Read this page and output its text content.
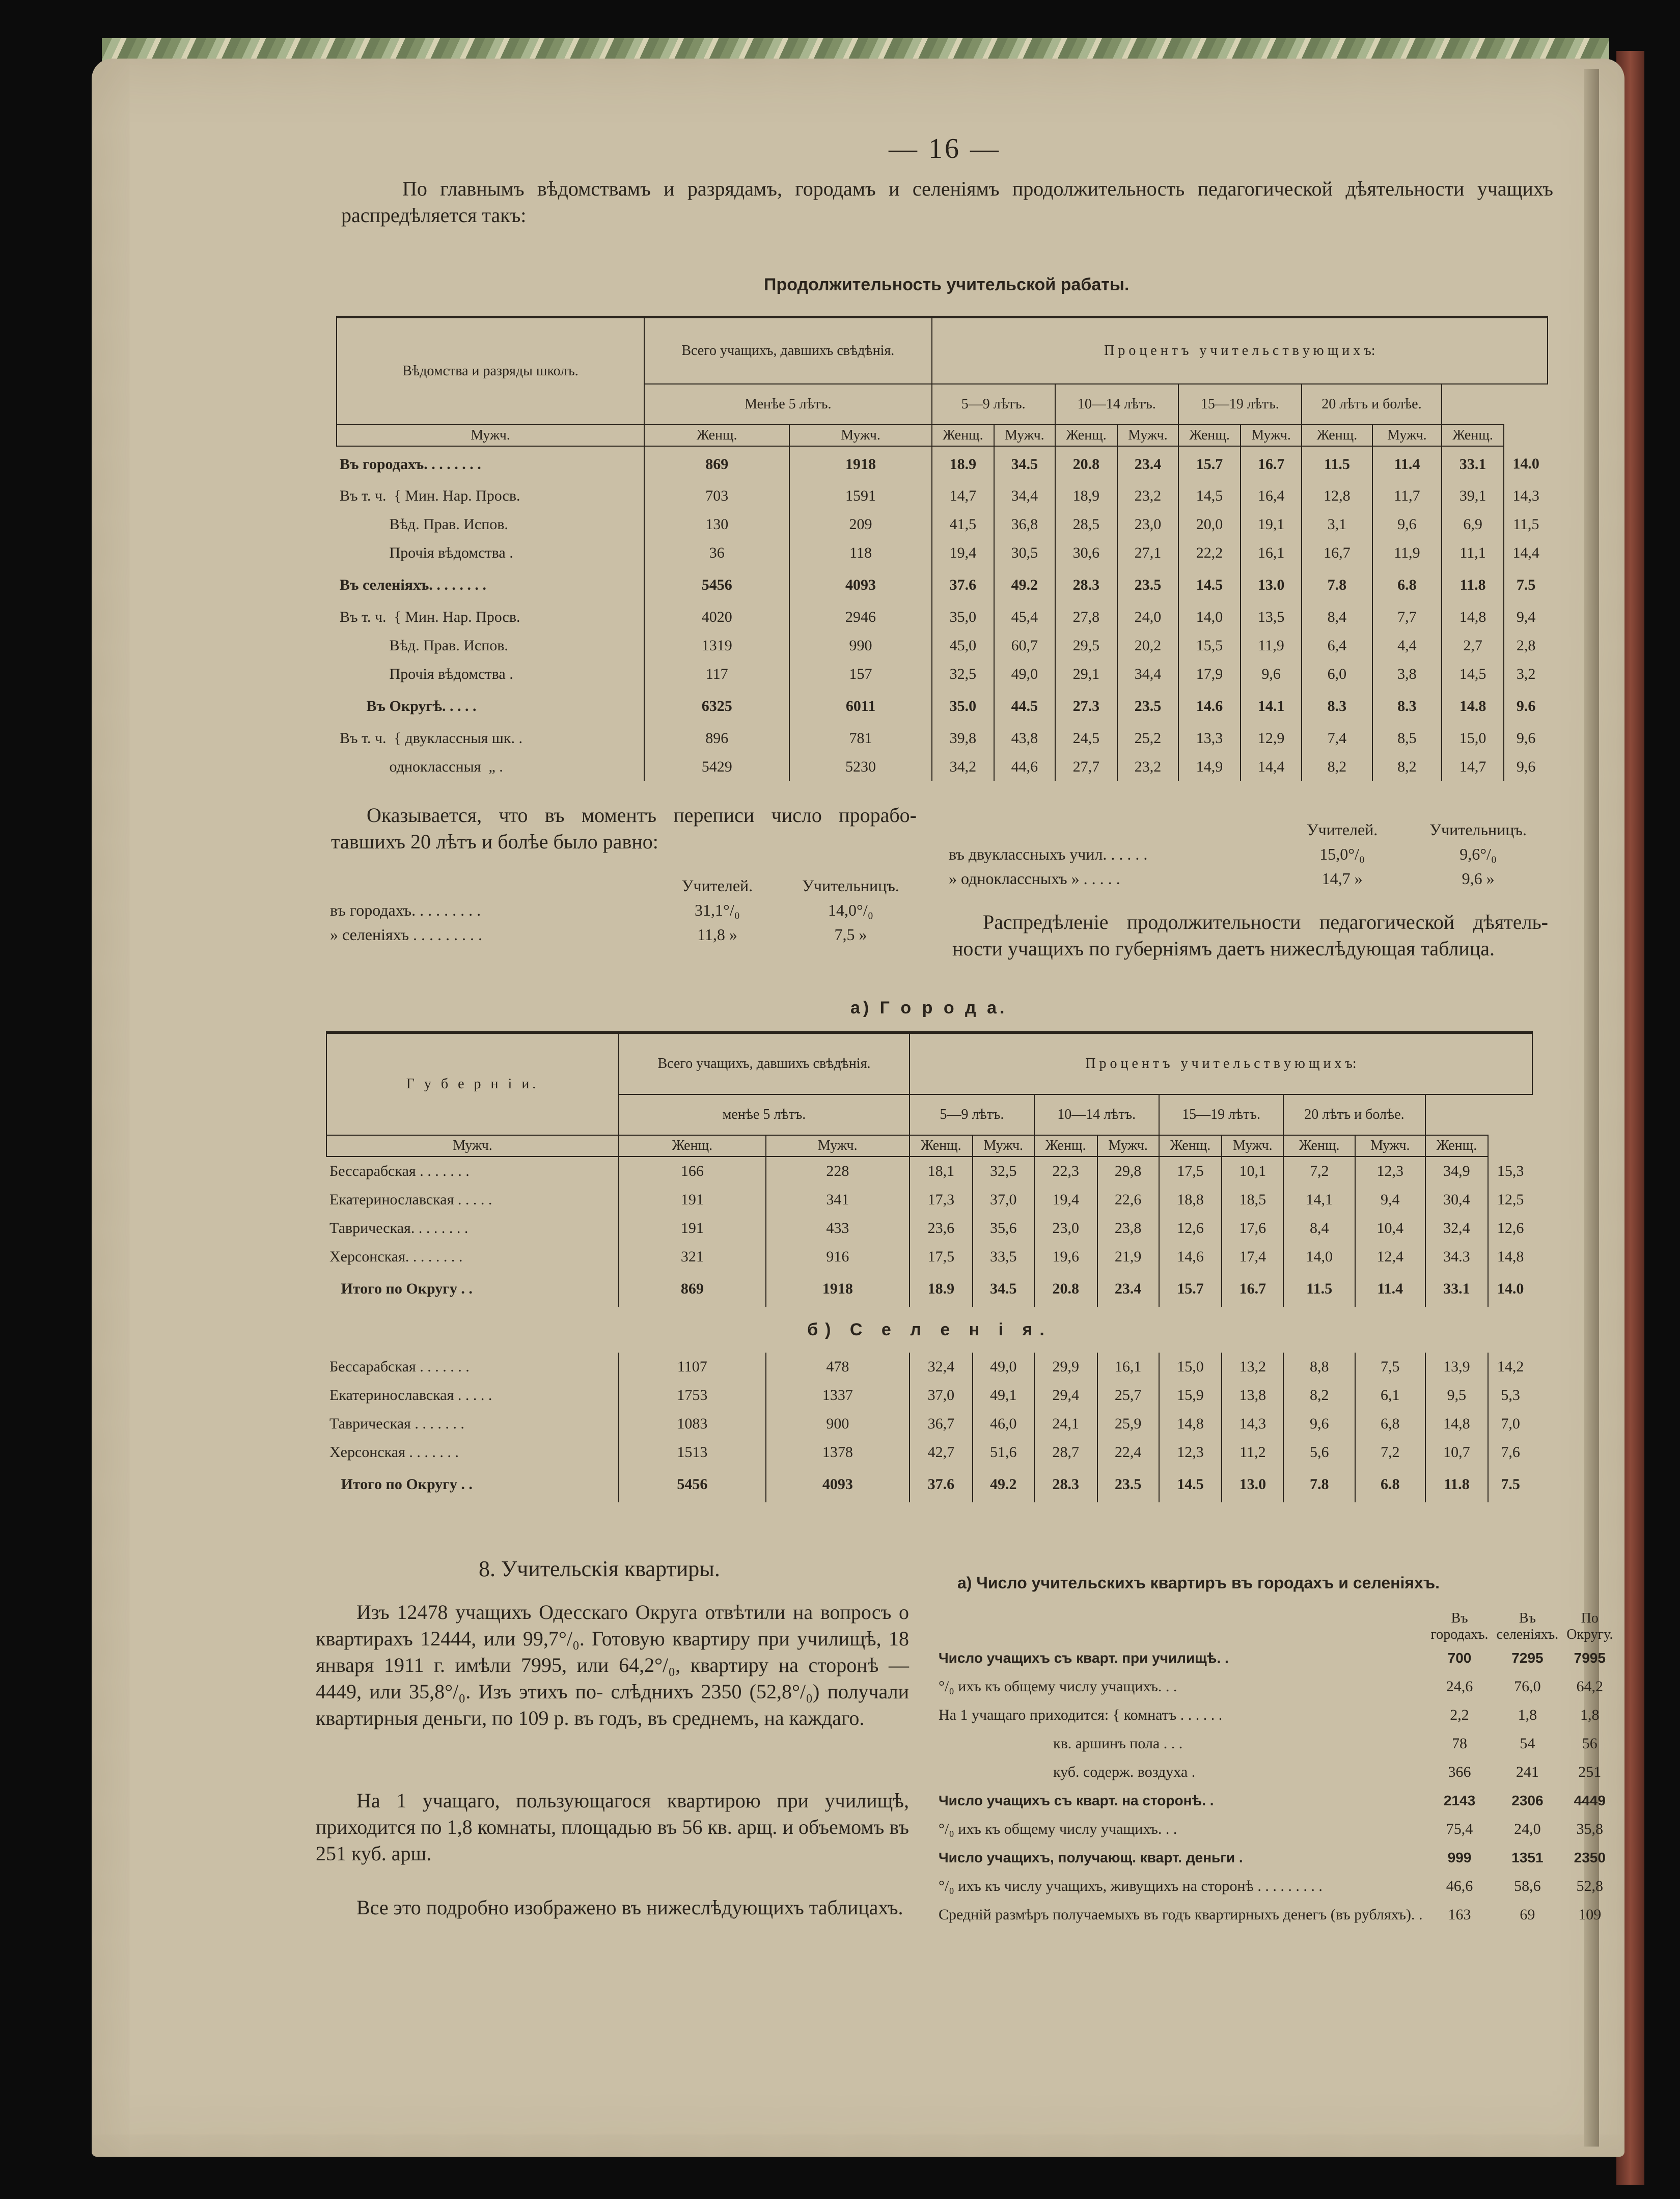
— 16 —
По главнымъ вѣдомствамъ и разрядамъ, городамъ и селеніямъ продолжительность педагогической дѣятельности учащихъ распредѣляется такъ:
Продолжительность учительской рабаты.
Вѣдомства и разряды школъ.	Всего учащихъ, давшихъ свѣдѣнія.		П р о ц е н т ъ   у ч и т е л ь с т в у ю щ и х ъ:									
	Менѣе 5 лѣтъ.		5—9 лѣтъ.		10—14 лѣтъ.		15—19 лѣтъ.		20 лѣтъ и болѣе.			
Мужч.	Женщ.	Мужч.	Женщ.	Мужч.	Женщ.	Мужч.	Женщ.	Мужч.	Женщ.	Мужч.	Женщ.	
Въ городахъ. . . . . . . .	869	1918	18.9	34.5	20.8	23.4	15.7	16.7	11.5	11.4	33.1	14.0
Въ т. ч.  { Мин. Нар. Просв.	703	1591	14,7	34,4	18,9	23,2	14,5	16,4	12,8	11,7	39,1	14,3
Вѣд. Прав. Испов.	130	209	41,5	36,8	28,5	23,0	20,0	19,1	3,1	9,6	6,9	11,5
Прочія вѣдомства .	36	118	19,4	30,5	30,6	27,1	22,2	16,1	16,7	11,9	11,1	14,4
Въ селеніяхъ. . . . . . . .	5456	4093	37.6	49.2	28.3	23.5	14.5	13.0	7.8	6.8	11.8	7.5
Въ т. ч.  { Мин. Нар. Просв.	4020	2946	35,0	45,4	27,8	24,0	14,0	13,5	8,4	7,7	14,8	9,4
Вѣд. Прав. Испов.	1319	990	45,0	60,7	29,5	20,2	15,5	11,9	6,4	4,4	2,7	2,8
Прочія вѣдомства .	117	157	32,5	49,0	29,1	34,4	17,9	9,6	6,0	3,8	14,5	3,2
Въ Округѣ. . . . .	6325	6011	35.0	44.5	27.3	23.5	14.6	14.1	8.3	8.3	14.8	9.6
Въ т. ч.  { двуклассныя шк. .	896	781	39,8	43,8	24,5	25,2	13,3	12,9	7,4	8,5	15,0	9,6
одноклассныя  „ .	5429	5230	34,2	44,6	27,7	23,2	14,9	14,4	8,2	8,2	14,7	9,6
Оказывается, что въ моментъ переписи число прорабо- тавшихъ 20 лѣтъ и болѣе было равно:
	Учителей.	Учительницъ.
въ городахъ. . . . . . . . .	31,1°/₀	14,0°/₀
» селеніяхъ . . . . . . . . .	11,8 »	7,5 »
	Учителей.	Учительницъ.
въ двуклассныхъ учил. . . . . .	15,0°/₀	9,6°/₀
» одноклассныхъ » . . . . .	14,7 »	9,6 »
Распредѣленіе продолжительности педагогической дѣятель- ности учащихъ по губерніямъ даетъ нижеслѣдующая таблица.
а) Г о р о д а.
Г у б е р н і и.	Всего учащихъ, давшихъ свѣдѣнія.		П р о ц е н т ъ   у ч и т е л ь с т в у ю щ и х ъ:									
	менѣе 5 лѣтъ.		5—9 лѣтъ.		10—14 лѣтъ.		15—19 лѣтъ.		20 лѣтъ и болѣе.			
Мужч.	Женщ.	Мужч.	Женщ.	Мужч.	Женщ.	Мужч.	Женщ.	Мужч.	Женщ.	Мужч.	Женщ.	
Бессарабская . . . . . . .	166	228	18,1	32,5	22,3	29,8	17,5	10,1	7,2	12,3	34,9	15,3
Екатеринославская . . . . .	191	341	17,3	37,0	19,4	22,6	18,8	18,5	14,1	9,4	30,4	12,5
Таврическая. . . . . . . .	191	433	23,6	35,6	23,0	23,8	12,6	17,6	8,4	10,4	32,4	12,6
Херсонская. . . . . . . .	321	916	17,5	33,5	19,6	21,9	14,6	17,4	14,0	12,4	34.3	14,8
Итого по Округу . .	869	1918	18.9	34.5	20.8	23.4	15.7	16.7	11.5	11.4	33.1	14.0
б) С е л е н і я.												
Бессарабская . . . . . . .	1107	478	32,4	49,0	29,9	16,1	15,0	13,2	8,8	7,5	13,9	14,2
Екатеринославская . . . . .	1753	1337	37,0	49,1	29,4	25,7	15,9	13,8	8,2	6,1	9,5	5,3
Таврическая . . . . . . .	1083	900	36,7	46,0	24,1	25,9	14,8	14,3	9,6	6,8	14,8	7,0
Херсонская . . . . . . .	1513	1378	42,7	51,6	28,7	22,4	12,3	11,2	5,6	7,2	10,7	7,6
Итого по Округу . .	5456	4093	37.6	49.2	28.3	23.5	14.5	13.0	7.8	6.8	11.8	7.5
8. Учительскія квартиры.
Изъ 12478 учащихъ Одесскаго Округа отвѣтили на вопросъ о квартирахъ 12444, или 99,7°/₀. Готовую квартиру при училищѣ, 18 января 1911 г. имѣли 7995, или 64,2°/₀, квартиру на сторонѣ — 4449, или 35,8°/₀. Изъ этихъ по- слѣднихъ 2350 (52,8°/₀) получали квартирныя деньги, по 109 р. въ годъ, въ среднемъ, на каждаго.
На 1 учащаго, пользующагося квартирою при училищѣ, приходится по 1,8 комнаты, площадью въ 56 кв. арщ. и объемомъ въ 251 куб. арш.
Все это подробно изображено въ нижеслѣдующихъ таблицахъ.
а) Число учительскихъ квартиръ въ городахъ и селеніяхъ.
	Въ городахъ.	Въ селеніяхъ.	По Округу.
Число учащихъ съ кварт. при училищѣ. .	700	7295	7995
°/₀ ихъ къ общему числу учащихъ. . .	24,6	76,0	64,2
На 1 учащаго приходится: { комнатъ . . . . . .	2,2	1,8	1,8
кв. аршинъ пола . . .	78	54	56
куб. содерж. воздуха .	366	241	251
Число учащихъ съ кварт. на сторонѣ. .	2143	2306	4449
°/₀ ихъ къ общему числу учащихъ. . .	75,4	24,0	35,8
Число учащихъ, получающ. кварт. деньги .	999	1351	2350
°/₀ ихъ къ числу учащихъ, живущихъ на сторонѣ . . . . . . . . .	46,6	58,6	52,8
Средній размѣръ получаемыхъ въ годъ квартирныхъ денегъ (въ рубляхъ). .	163	69	109
